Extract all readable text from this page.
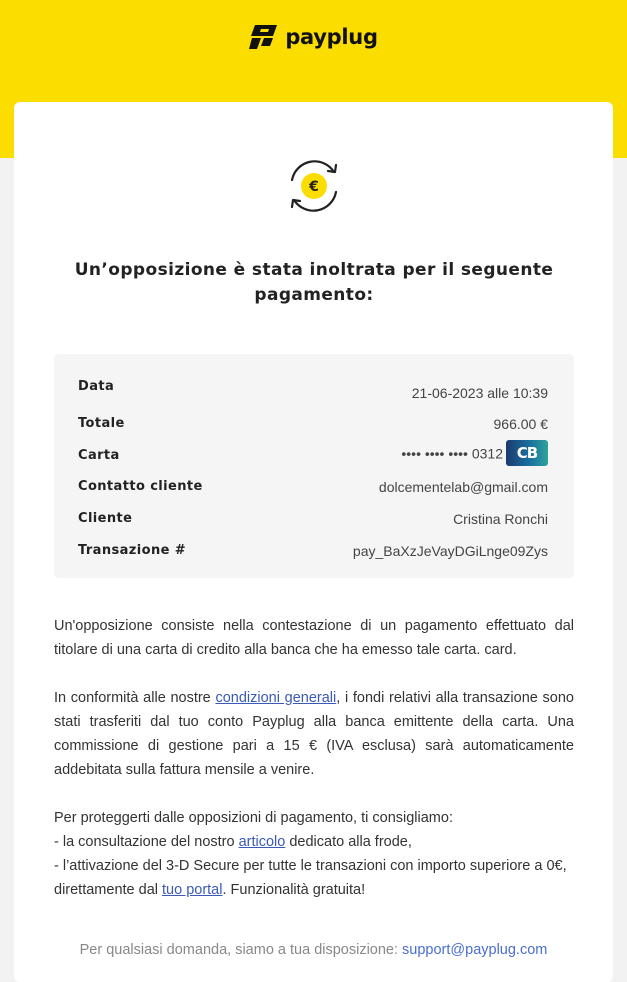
payplug
€
Un’opposizione è stata inoltrata per il seguente pagamento:
Data	21-06-2023 alle 10:39
Totale	966.00 €
Carta	•••• •••• •••• 0312 CB
Contatto cliente	dolcementelab@gmail.com
Cliente	Cristina Ronchi
Transazione #	pay_BaXzJeVayDGiLnge09Zys

Un'opposizione consiste nella contestazione di un pagamento effettuato dal titolare di una carta di credito alla banca che ha emesso tale carta. card.

In conformità alle nostre condizioni generali, i fondi relativi alla transazione sono stati trasferiti dal tuo conto Payplug alla banca emittente della carta. Una commissione di gestione pari a 15 € (IVA esclusa) sarà automaticamente addebitata sulla fattura mensile a venire.

Per proteggerti dalle opposizioni di pagamento, ti consigliamo:
- la consultazione del nostro articolo dedicato alla frode,
- l’attivazione del 3-D Secure per tutte le transazioni con importo superiore a 0€, direttamente dal tuo portal. Funzionalità gratuita!

Per qualsiasi domanda, siamo a tua disposizione: support@payplug.com
